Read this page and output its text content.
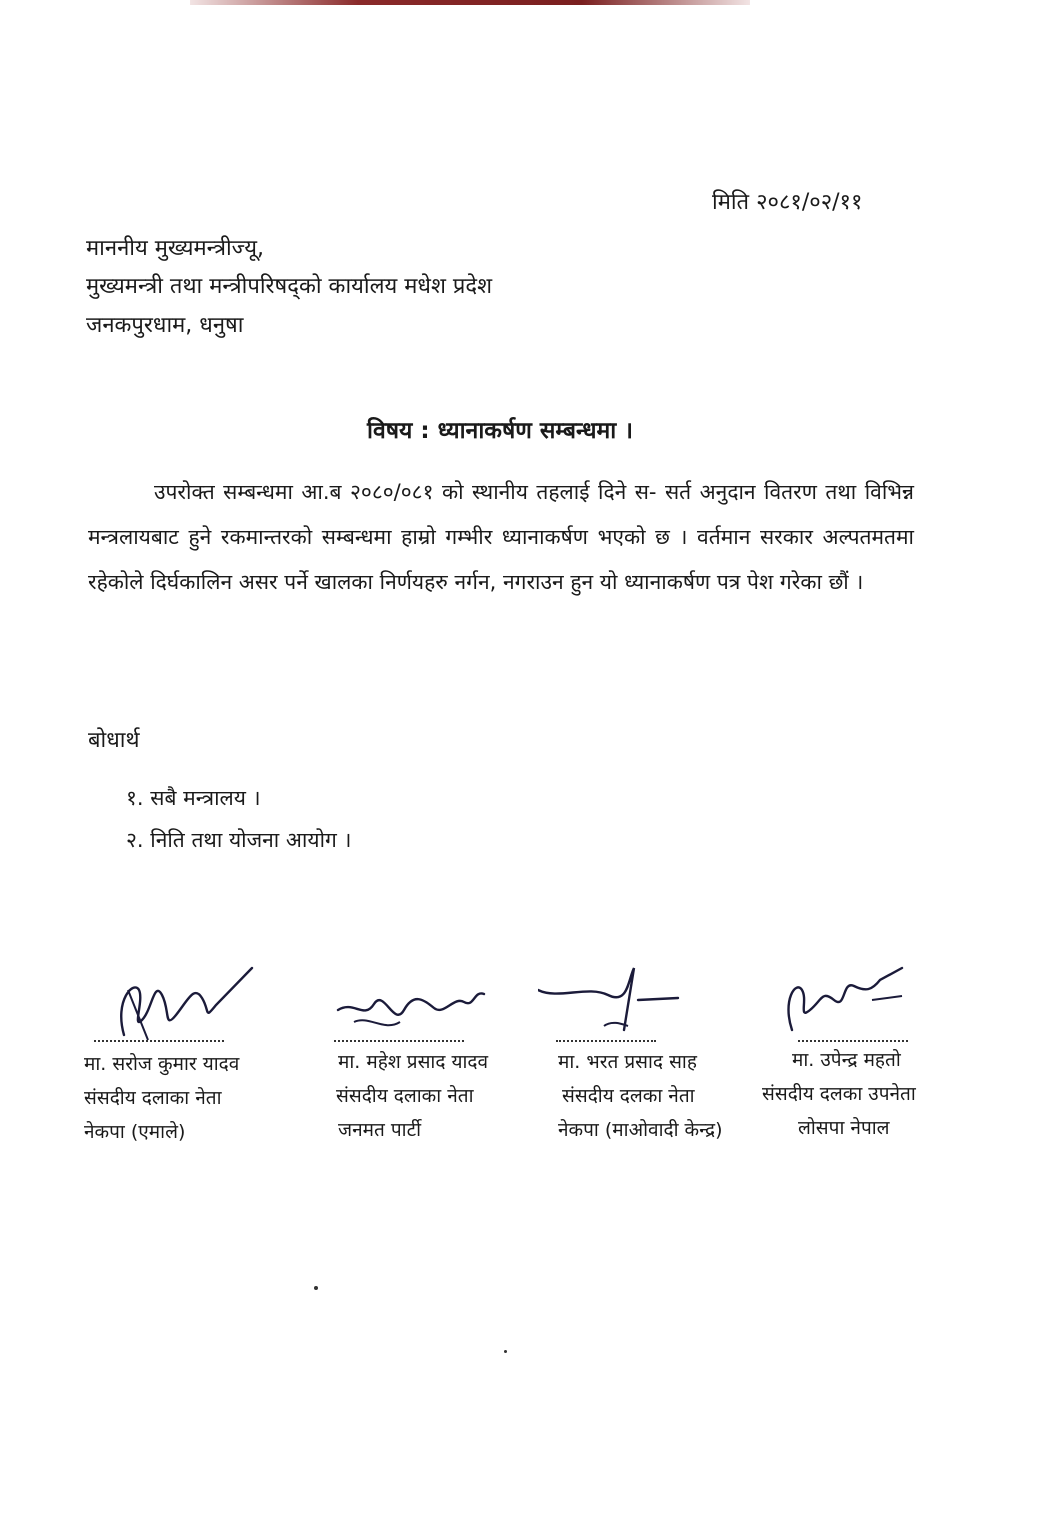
मिति २०८१/०२/११
माननीय मुख्यमन्त्रीज्यू,
मुख्यमन्त्री तथा मन्त्रीपरिषद्को कार्यालय मधेश प्रदेश
जनकपुरधाम, धनुषा
विषय : ध्यानाकर्षण सम्बन्धमा ।
उपरोक्त सम्बन्धमा आ.ब २०८०/०८१ को स्थानीय तहलाई दिने स- सर्त अनुदान वितरण तथा विभिन्न मन्त्रलायबाट हुने रकमान्तरको सम्बन्धमा हाम्रो गम्भीर ध्यानाकर्षण भएको छ । वर्तमान सरकार अल्पतमतमा रहेकोले दिर्घकालिन असर पर्ने खालका निर्णयहरु नर्गन, नगराउन हुन यो ध्यानाकर्षण पत्र पेश गरेका छौं ।
बोधार्थ
१. सबै मन्त्रालय ।
२. निति तथा योजना आयोग ।
मा. सरोज कुमार यादव
संसदीय दलाका नेता
नेकपा (एमाले)
मा. महेश प्रसाद यादव
संसदीय दलाका नेता
जनमत पार्टी
मा. भरत प्रसाद साह
संसदीय दलका नेता
नेकपा (माओवादी केन्द्र)
मा. उपेन्द्र महतो
संसदीय दलका उपनेता
लोसपा नेपाल
